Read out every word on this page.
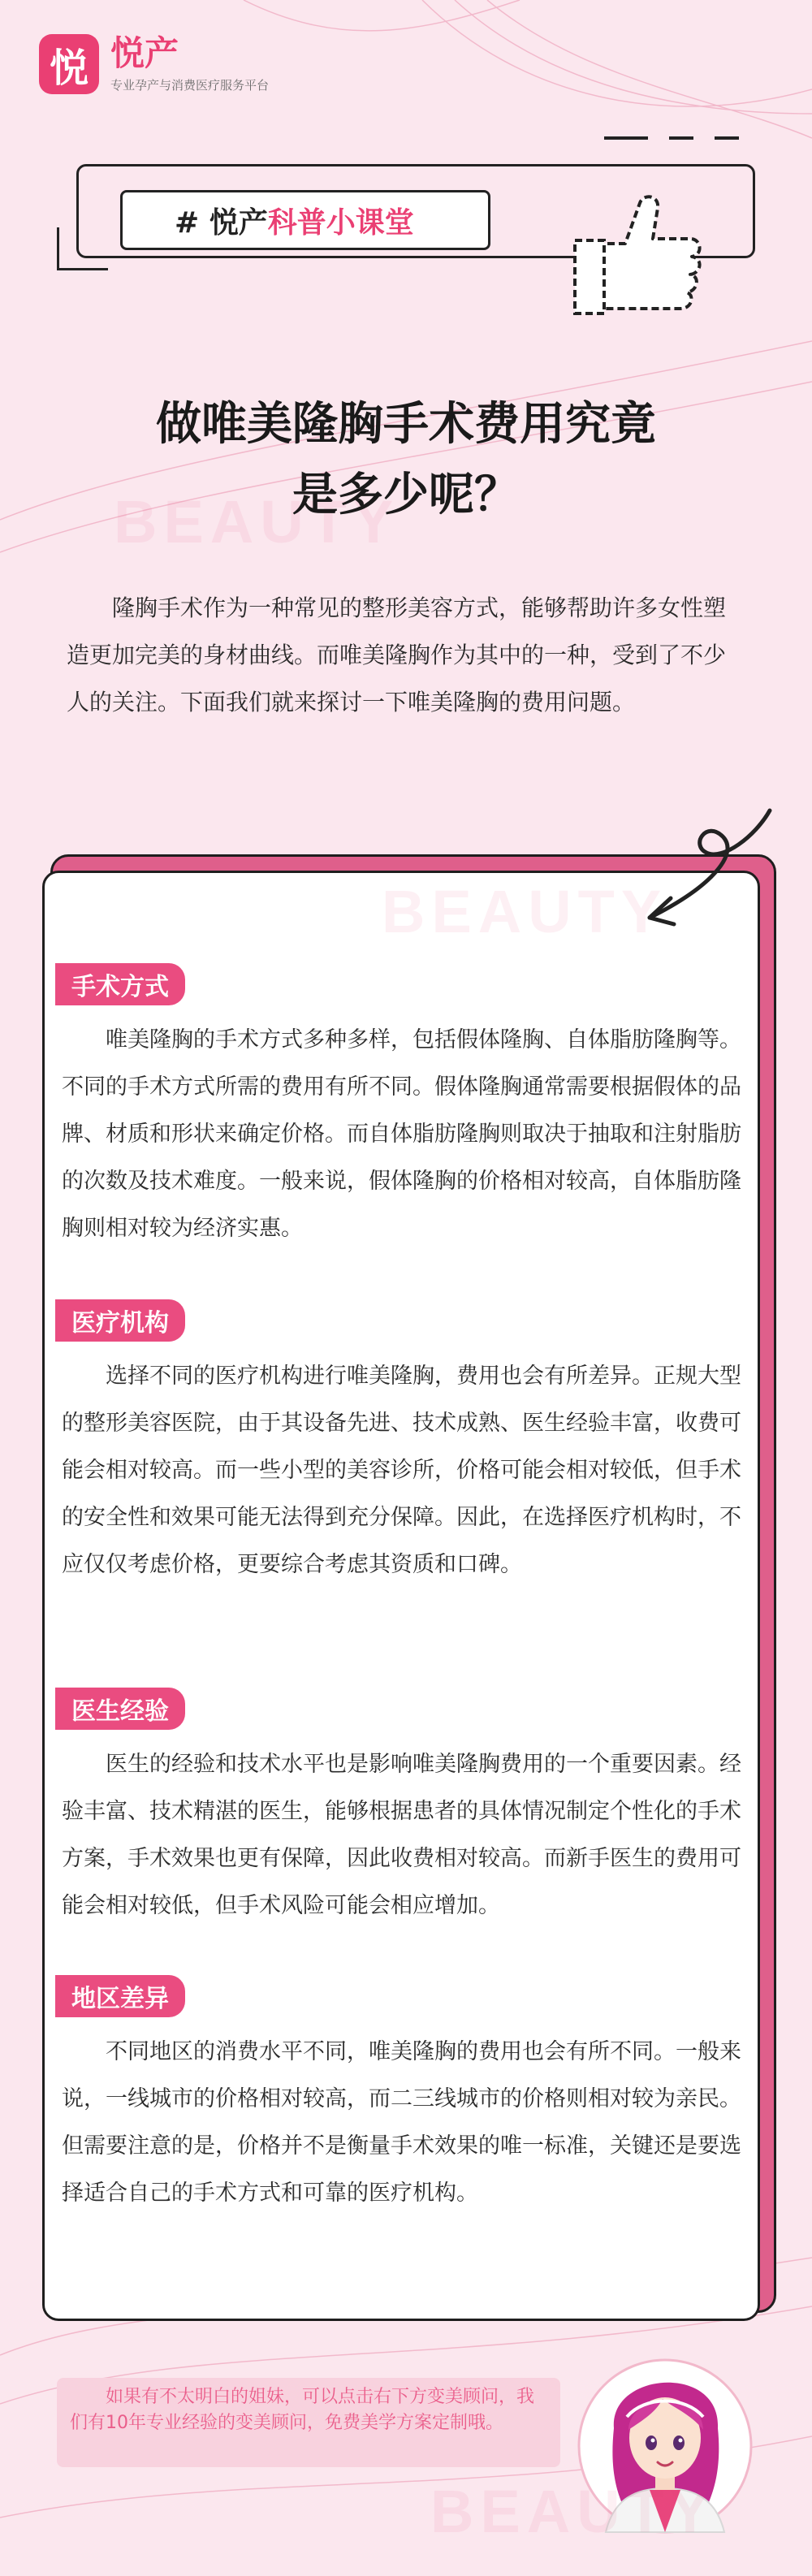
悦 悦产
专业孕产与消费医疗服务平台
# 悦产 科普小课堂
BEAUTY
做唯美隆胸手术费用究竟
是多少呢？

隆胸手术作为一种常见的整形美容方式，能够帮助许多女性塑造更加完美的身材曲线。而唯美隆胸作为其中的一种，受到了不少人的关注。下面我们就来探讨一下唯美隆胸的费用问题。

手术方式
唯美隆胸的手术方式多种多样，包括假体隆胸、自体脂肪隆胸等。不同的手术方式所需的费用有所不同。假体隆胸通常需要根据假体的品牌、材质和形状来确定价格。而自体脂肪隆胸则取决于抽取和注射脂肪的次数及技术难度。一般来说，假体隆胸的价格相对较高，自体脂肪隆胸则相对较为经济实惠。
医疗机构
选择不同的医疗机构进行唯美隆胸，费用也会有所差异。正规大型的整形美容医院，由于其设备先进、技术成熟、医生经验丰富，收费可能会相对较高。而一些小型的美容诊所，价格可能会相对较低，但手术的安全性和效果可能无法得到充分保障。因此，在选择医疗机构时，不应仅仅考虑价格，更要综合考虑其资质和口碑。
医生经验
医生的经验和技术水平也是影响唯美隆胸费用的一个重要因素。经验丰富、技术精湛的医生，能够根据患者的具体情况制定个性化的手术方案，手术效果也更有保障，因此收费相对较高。而新手医生的费用可能会相对较低，但手术风险可能会相应增加。
地区差异
不同地区的消费水平不同，唯美隆胸的费用也会有所不同。一般来说，一线城市的价格相对较高，而二三线城市的价格则相对较为亲民。但需要注意的是，价格并不是衡量手术效果的唯一标准，关键还是要选择适合自己的手术方式和可靠的医疗机构。
如果有不太明白的姐妹，可以点击右下方变美顾问，我们有10年专业经验的变美顾问，免费美学方案定制哦。
BEAUTY
